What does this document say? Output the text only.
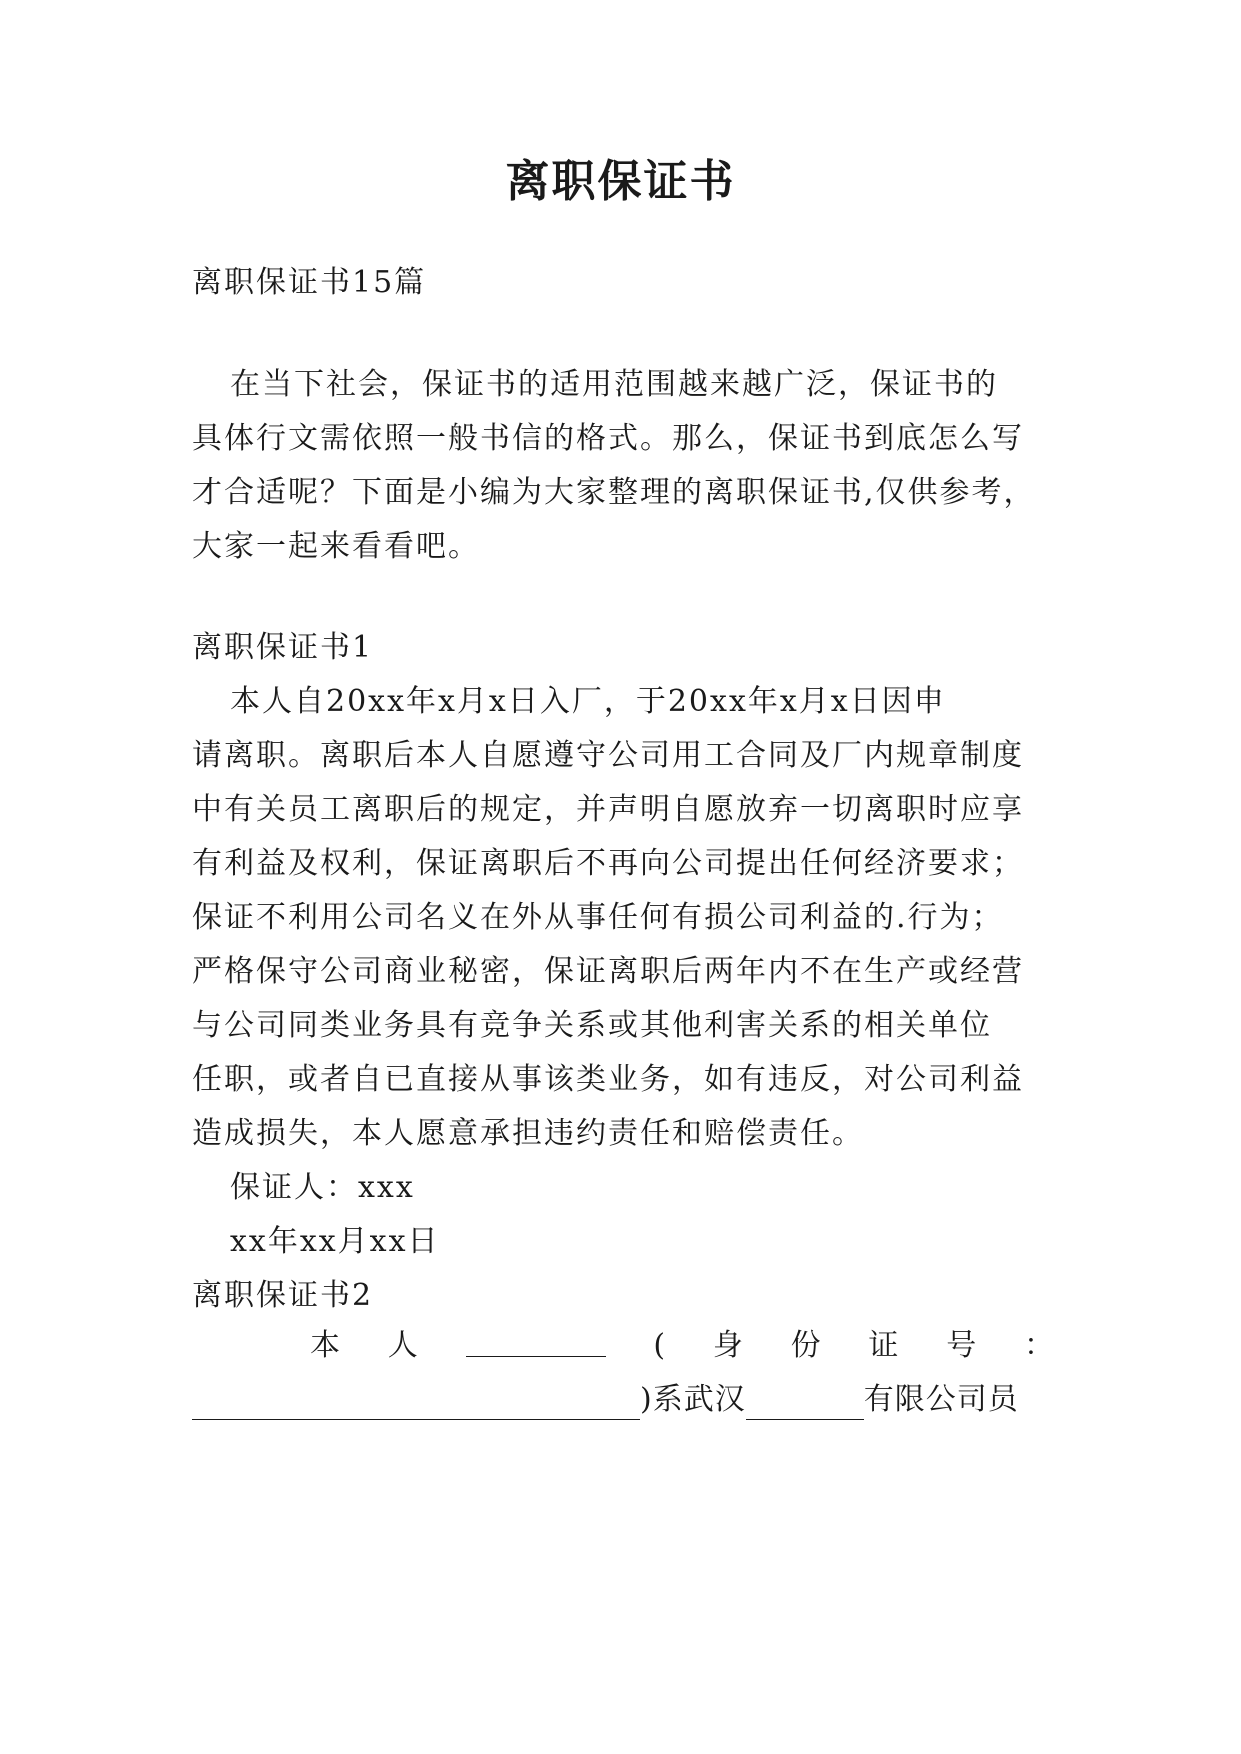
离职保证书
离职保证书15篇
在当下社会，保证书的适用范围越来越广泛，保证书的
具体行文需依照一般书信的格式。那么，保证书到底怎么写
才合适呢？下面是小编为大家整理的离职保证书,仅供参考，
大家一起来看看吧。
离职保证书1
本人自20xx年x月x日入厂，于20xx年x月x日因申
请离职。离职后本人自愿遵守公司用工合同及厂内规章制度
中有关员工离职后的规定，并声明自愿放弃一切离职时应享
有利益及权利，保证离职后不再向公司提出任何经济要求；
保证不利用公司名义在外从事任何有损公司利益的.行为；
严格保守公司商业秘密，保证离职后两年内不在生产或经营
与公司同类业务具有竞争关系或其他利害关系的相关单位
任职，或者自已直接从事该类业务，如有违反，对公司利益
造成损失，本人愿意承担违约责任和赔偿责任。
保证人：xxx
xx年xx月xx日
离职保证书2
本 人	( 身 份 证 号 ：
)系武汉	有限公司员
